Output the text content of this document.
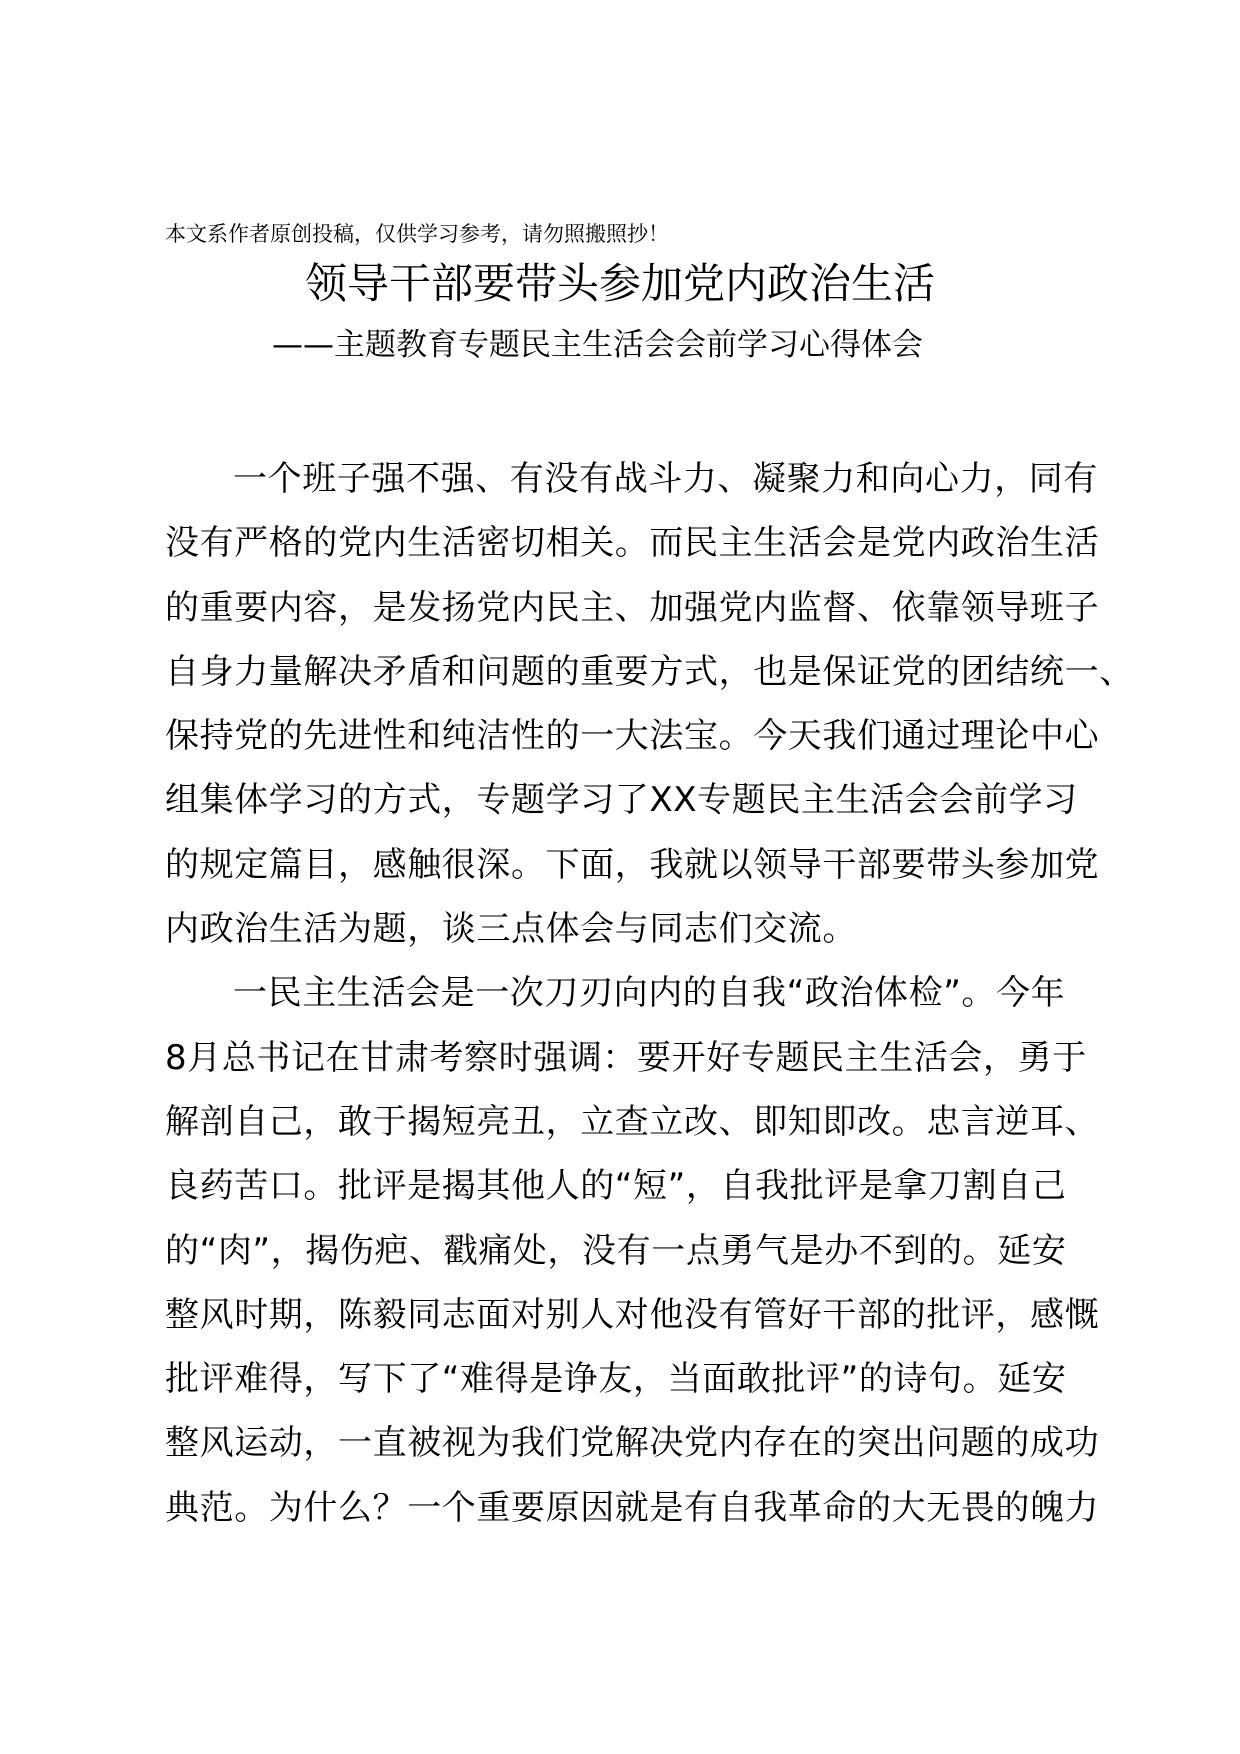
本文系作者原创投稿，仅供学习参考，请勿照搬照抄！
领导干部要带头参加党内政治生活
——主题教育专题民主生活会会前学习心得体会

一个班子强不强、有没有战斗力、凝聚力和向心力，同有
没有严格的党内生活密切相关。而民主生活会是党内政治生活
的重要内容，是发扬党内民主、加强党内监督、依靠领导班子
自身力量解决矛盾和问题的重要方式，也是保证党的团结统一、
保持党的先进性和纯洁性的一大法宝。今天我们通过理论中心
组集体学习的方式，专题学习了XX专题民主生活会会前学习
的规定篇目，感触很深。下面，我就以领导干部要带头参加党
内政治生活为题，谈三点体会与同志们交流。

一民主生活会是一次刀刃向内的自我“政治体检”。今年
8月总书记在甘肃考察时强调：要开好专题民主生活会，勇于
解剖自己，敢于揭短亮丑，立查立改、即知即改。忠言逆耳、
良药苦口。批评是揭其他人的“短”，自我批评是拿刀割自己
的“肉”，揭伤疤、戳痛处，没有一点勇气是办不到的。延安
整风时期，陈毅同志面对别人对他没有管好干部的批评，感慨
批评难得，写下了“难得是诤友，当面敢批评”的诗句。延安
整风运动，一直被视为我们党解决党内存在的突出问题的成功
典范。为什么？一个重要原因就是有自我革命的大无畏的魄力
